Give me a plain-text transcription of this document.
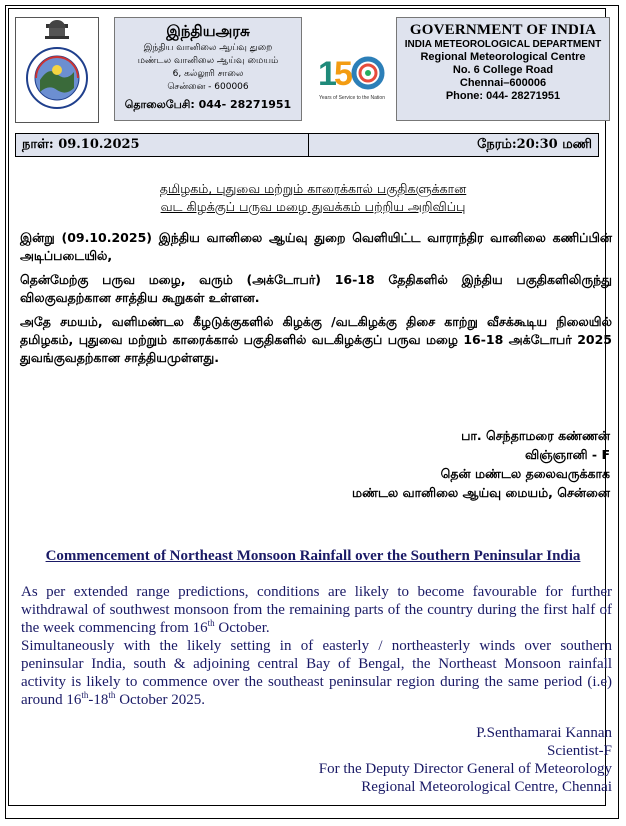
இந்தியஅரசு
இந்திய வானிலை ஆய்வு துறை
மண்டல வானிலை ஆய்வு மையம்
6, கல்லூரி சாலை
சென்னை - 600006
தொலைபேசி: 044- 28271951
1
5
Years of Service to the Nation
GOVERNMENT OF INDIA
INDIA METEOROLOGICAL DEPARTMENT
Regional Meteorological Centre
No. 6 College Road
Chennai–600006
Phone: 044- 28271951
நாள்: 09.10.2025	நேரம்:20:30 மணி
தமிழகம், புதுவை மற்றும் காரைக்கால் பகுதிகளுக்கான
வட கிழக்குப் பருவ மழை துவக்கம் பற்றிய அறிவிப்பு
இன்று (09.10.2025) இந்திய வானிலை ஆய்வு துறை வெளியிட்ட வாராந்திர வானிலை கணிப்பின் அடிப்படையில்,
தென்மேற்கு பருவ மழை, வரும் (அக்டோபர்) 16-18 தேதிகளில் இந்திய பகுதிகளிலிருந்து விலகுவதற்கான சாத்திய கூறுகள் உள்ளன.
அதே சமயம், வளிமண்டல கீழடுக்குகளில் கிழக்கு /வடகிழக்கு திசை காற்று வீசக்கூடிய நிலையில் தமிழகம், புதுவை மற்றும் காரைக்கால் பகுதிகளில் வடகிழக்குப் பருவ மழை 16-18 அக்டோபர் 2025 துவங்குவதற்கான சாத்தியமுள்ளது.
பா. செந்தாமரை கண்ணன்
விஞ்ஞானி - F
தென் மண்டல தலைவருக்காக
மண்டல வானிலை ஆய்வு மையம், சென்னை
Commencement of Northeast Monsoon Rainfall over the Southern Peninsular India
As per extended range predictions, conditions are likely to become favourable for further withdrawal of southwest monsoon from the remaining parts of the country during the first half of the week commencing from 16th October.
Simultaneously with the likely setting in of easterly / northeasterly winds over southern peninsular India, south & adjoining central Bay of Bengal, the Northeast Monsoon rainfall activity is likely to commence over the southeast peninsular region during the same period (i.e) around 16th-18th October 2025.
P.Senthamarai Kannan
Scientist-F
For the Deputy Director General of Meteorology
Regional Meteorological Centre, Chennai
